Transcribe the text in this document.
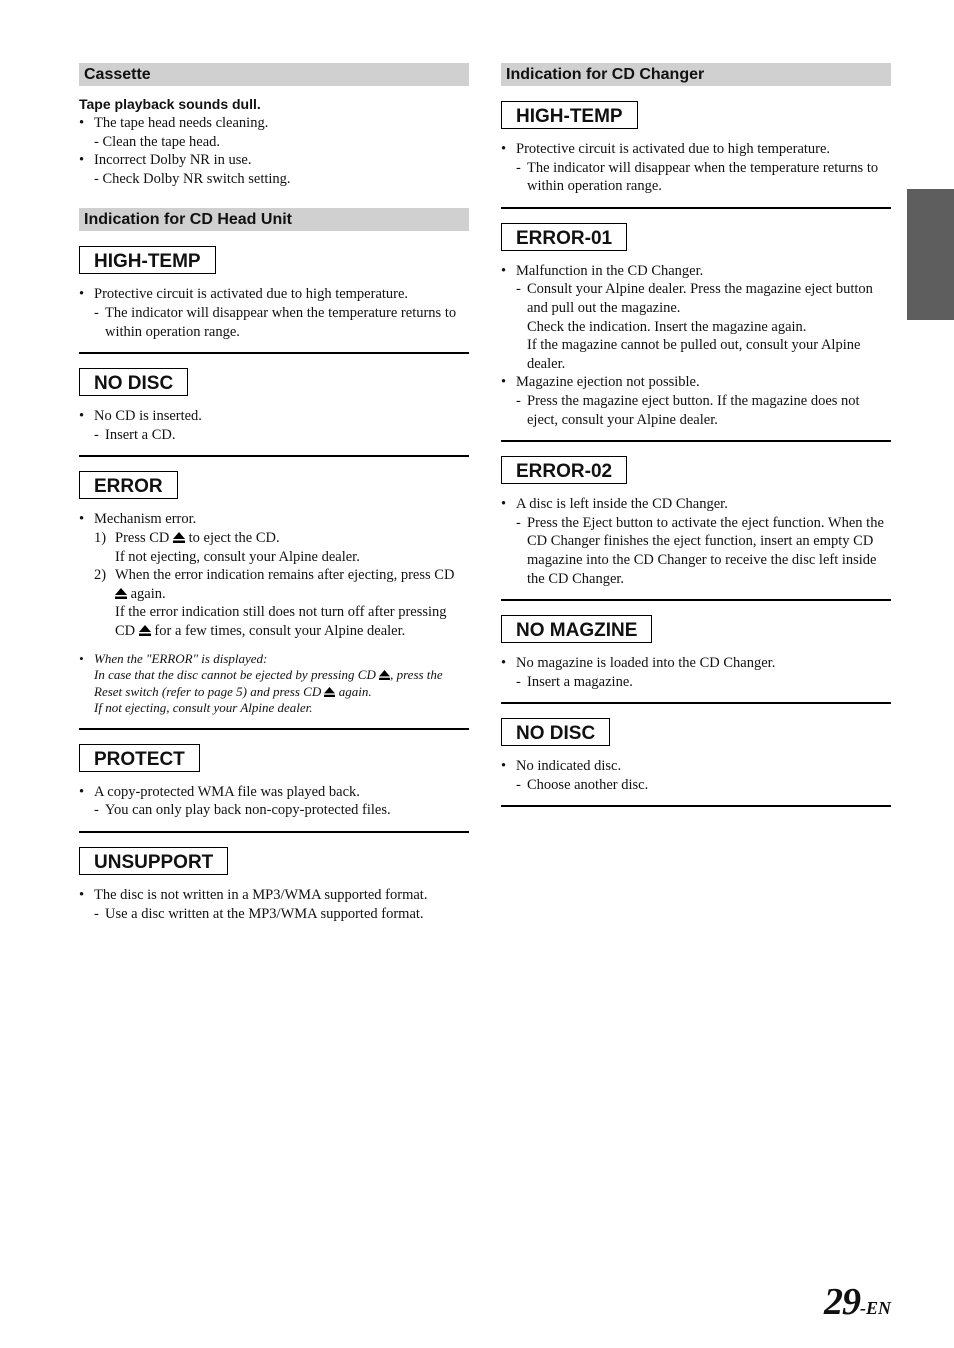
Cassette
Tape playback sounds dull.
• The tape head needs cleaning.
- Clean the tape head.
• Incorrect Dolby NR in use.
- Check Dolby NR switch setting.
Indication for CD Head Unit
HIGH-TEMP
• Protective circuit is activated due to high temperature.
- The indicator will disappear when the temperature returns to within operation range.
NO DISC
• No CD is inserted.
- Insert a CD.
ERROR
• Mechanism error.
1) Press CD to eject the CD.
If not ejecting, consult your Alpine dealer.
2) When the error indication remains after ejecting, press CD  again.
If the error indication still does not turn off after pressing CD for a few times, consult your Alpine dealer.
• When the "ERROR" is displayed:
In case that the disc cannot be ejected by pressing CD , press the Reset switch (refer to page 5) and press CD again.
If not ejecting, consult your Alpine dealer.
PROTECT
• A copy-protected WMA file was played back.
- You can only play back non-copy-protected files.
UNSUPPORT
• The disc is not written in a MP3/WMA supported format.
- Use a disc written at the MP3/WMA supported format.
Indication for CD Changer
HIGH-TEMP
• Protective circuit is activated due to high temperature.
- The indicator will disappear when the temperature returns to within operation range.
ERROR-01
• Malfunction in the CD Changer.
- Consult your Alpine dealer. Press the magazine eject button and pull out the magazine.
Check the indication. Insert the magazine again.
If the magazine cannot be pulled out, consult your Alpine dealer.
• Magazine ejection not possible.
- Press the magazine eject button. If the magazine does not eject, consult your Alpine dealer.
ERROR-02
• A disc is left inside the CD Changer.
- Press the Eject button to activate the eject function. When the CD Changer finishes the eject function, insert an empty CD magazine into the CD Changer to receive the disc left inside the CD Changer.
NO MAGZINE
• No magazine is loaded into the CD Changer.
- Insert a magazine.
NO DISC
• No indicated disc.
- Choose another disc.
29-EN
